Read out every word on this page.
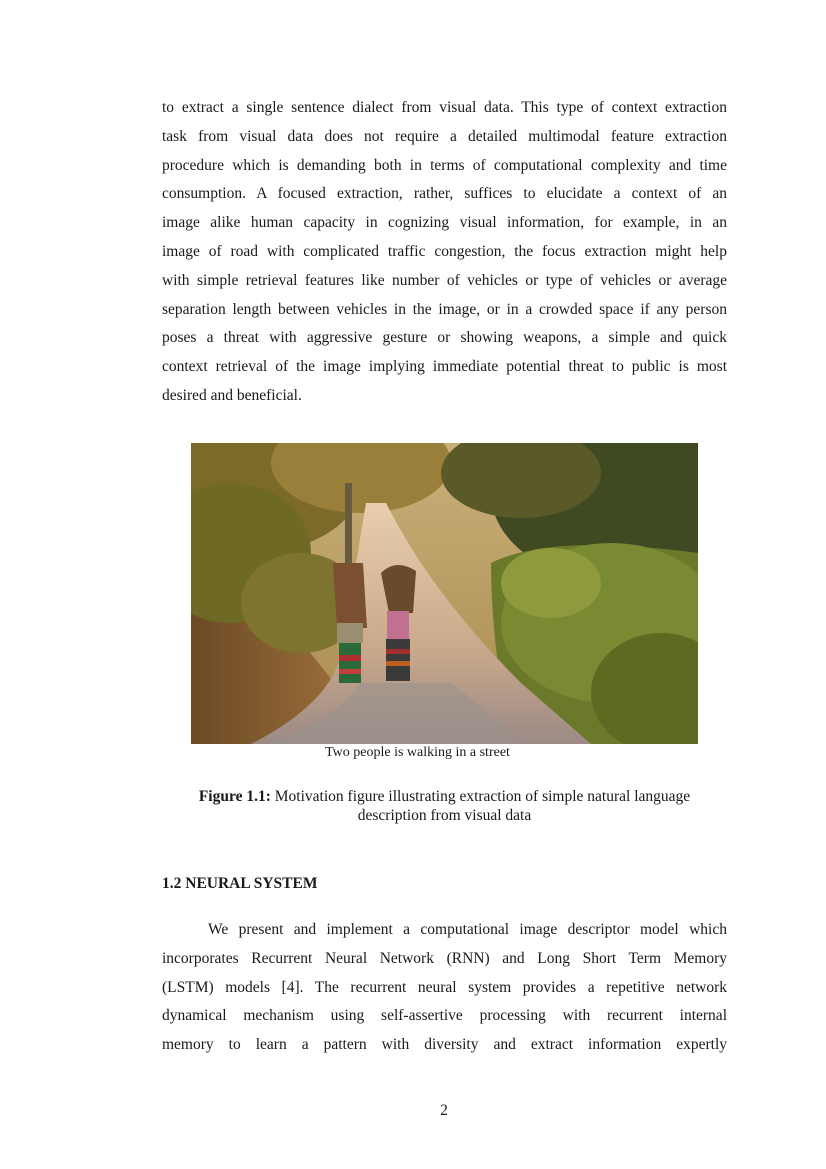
to extract a single sentence dialect from visual data. This type of context extraction
task from visual data does not require a detailed multimodal feature extraction
procedure which is demanding both in terms of computational complexity and time
consumption. A focused extraction, rather, suffices to elucidate a context of an
image alike human capacity in cognizing visual information, for example, in an
image of road with complicated traffic congestion, the focus extraction might help
with simple retrieval features like number of vehicles or type of vehicles or average
separation length between vehicles in the image, or in a crowded space if any person
poses a threat with aggressive gesture or showing weapons, a simple and quick
context retrieval of the image implying immediate potential threat to public is most
desired and beneficial.
Two people is walking in a street
Figure 1.1: Motivation figure illustrating extraction of simple natural language
description from visual data
1.2 NEURAL SYSTEM
We present and implement a computational image descriptor model which
incorporates Recurrent Neural Network (RNN) and Long Short Term Memory
(LSTM) models [4]. The recurrent neural system provides a repetitive network
dynamical mechanism using self-assertive processing with recurrent internal
memory to learn a pattern with diversity and extract information expertly
2
